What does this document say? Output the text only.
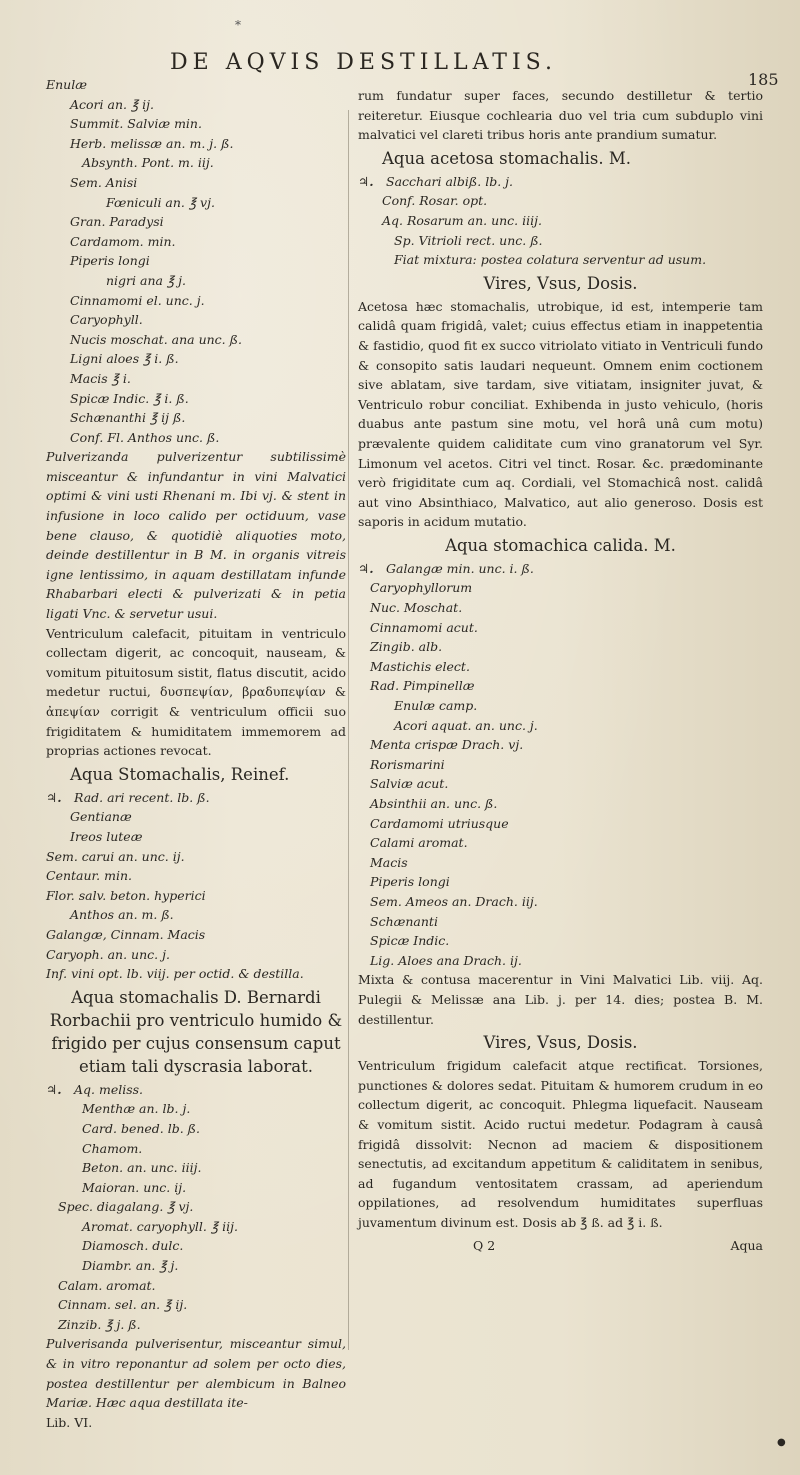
*
DE AQVIS DESTILLATIS.
185
Enulæ
Acori an. ℥ ij.
Summit. Salviæ min.
Herb. melissæ an. m. j. ß.
Absynth. Pont. m. iij.
Sem. Anisi
Fœniculi an. ℥ vj.
Gran. Paradysi
Cardamom. min.
Piperis longi
nigri ana ℥ j.
Cinnamomi el. unc. j.
Caryophyll.
Nucis moschat. ana unc. ß.
Ligni aloes ℥ i. ß.
Macis ℥ i.
Spicæ Indic. ℥ i. ß.
Schænanthi ℥ ij ß.
Conf. Fl. Anthos unc. ß.
Pulverizanda pulverizentur subtilissimè misceantur & infundantur in vini Malvatici optimi & vini usti Rhenani m. Ibi vj. & stent in infusione in loco calido per octiduum, vase bene clauso, & quotidiè aliquoties moto, deinde destillentur in B M. in organis vitreis igne lentissimo, in aquam destillatam infunde Rhabarbari electi & pulverizati & in petia ligati Vnc. & servetur usui.
Ventriculum calefacit, pituitam in ventriculo collectam digerit, ac concoquit, nauseam, & vomitum pituitosum sistit, flatus discutit, acido medetur ructui, δυσπεψίαν, βραδυπεψίαν & ἀπεψίαν corrigit & ventriculum officii suo frigiditatem & humiditatem immemorem ad proprias actiones revocat.
Aqua Stomachalis, Reinef.
♃. Rad. ari recent. lb. ß.
Gentianæ
Ireos luteæ
Sem. carui an. unc. ij.
Centaur. min.
Flor. salv. beton. hyperici
Anthos an. m. ß.
Galangæ, Cinnam. Macis
Caryoph. an. unc. j.
Inf. vini opt. lb. viij. per octid. & destilla.
Aqua stomachalis D. Bernardi Rorbachii pro ventriculo humido & frigido per cujus consensum caput etiam tali dyscrasia laborat.
♃. Aq. meliss.
Menthæ an. lb. j.
Card. bened. lb. ß.
Chamom.
Beton. an. unc. iiij.
Maioran. unc. ij.
Spec. diagalang. ℥ vj.
Aromat. caryophyll. ℥ iij.
Diamosch. dulc.
Diambr. an. ℥ j.
Calam. aromat.
Cinnam. sel. an. ℥ ij.
Zinzib. ℥ j. ß.
Pulverisanda pulverisentur, misceantur simul, & in vitro reponantur ad solem per octo dies, postea destillentur per alembicum in Balneo Mariæ. Hæc aqua destillata ite-
Lib. VI.
rum fundatur super faces, secundo destilletur & tertio reiteretur. Eiusque cochlearia duo vel tria cum subduplo vini malvatici vel clareti tribus horis ante prandium sumatur.
Aqua acetosa stomachalis. M.
♃. Sacchari albiß. lb. j.
Conf. Rosar. opt.
Aq. Rosarum an. unc. iiij.
Sp. Vitrioli rect. unc. ß.
Fiat mixtura: postea colatura serventur ad usum.
Vires, Vsus, Dosis.
Acetosa hæc stomachalis, utrobique, id est, intemperie tam calidâ quam frigidâ, valet; cuius effectus etiam in inappetentia & fastidio, quod fit ex succo vitriolato vitiato in Ventriculi fundo & consopito satis laudari nequeunt. Omnem enim coctionem sive ablatam, sive tardam, sive vitiatam, insigniter juvat, & Ventriculo robur conciliat. Exhibenda in justo vehiculo, (horis duabus ante pastum sine motu, vel horâ unâ cum motu) prævalente quidem caliditate cum vino granatorum vel Syr. Limonum vel acetos. Citri vel tinct. Rosar. &c. prædominante verò frigiditate cum aq. Cordiali, vel Stomachicâ nost. calidâ aut vino Absinthiaco, Malvatico, aut alio generoso. Dosis est saporis in acidum mutatio.
Aqua stomachica calida. M.
♃. Galangæ min. unc. i. ß.
Caryophyllorum
Nuc. Moschat.
Cinnamomi acut.
Zingib. alb.
Mastichis elect.
Rad. Pimpinellæ
Enulæ camp.
Acori aquat. an. unc. j.
Menta crispæ Drach. vj.
Rorismarini
Salviæ acut.
Absinthii an. unc. ß.
Cardamomi utriusque
Calami aromat.
Macis
Piperis longi
Sem. Ameos an. Drach. iij.
Schænanti
Spicæ Indic.
Lig. Aloes ana Drach. ij.
Mixta & contusa macerentur in Vini Malvatici Lib. viij. Aq. Pulegii & Melissæ ana Lib. j. per 14. dies; postea B. M. destillentur.
Vires, Vsus, Dosis.
Ventriculum frigidum calefacit atque rectificat. Torsiones, punctiones & dolores sedat. Pituitam & humorem crudum in eo collectum digerit, ac concoquit. Phlegma liquefacit. Nauseam & vomitum sistit. Acido ructui medetur. Podagram à causâ frigidâ dissolvit: Necnon ad maciem & dispositionem senectutis, ad excitandum appetitum & caliditatem in senibus, ad fugandum ventositatem crassam, ad aperiendum oppilationes, ad resolvendum humiditates superfluas juvamentum divinum est. Dosis ab ℥ ß. ad ℥ i. ß.
Q 2	Aqua
●
